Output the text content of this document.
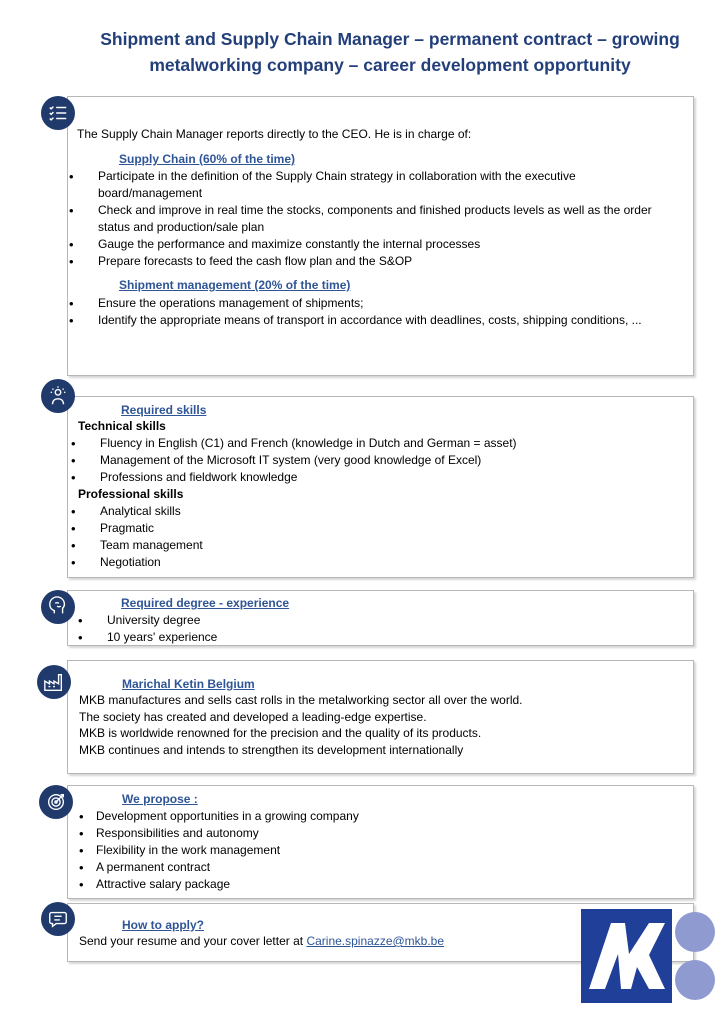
Shipment and Supply Chain Manager – permanent contract – growing
metalworking company – career development opportunity
The Supply Chain Manager reports directly to the CEO. He is in charge of:
Supply Chain (60% of the time)
• Participate in the definition of the Supply Chain strategy in collaboration with the executive board/management
• Check and improve in real time the stocks, components and finished products levels as well as the order status and production/sale plan
• Gauge the performance and maximize constantly the internal processes
• Prepare forecasts to feed the cash flow plan and the S&OP
Shipment management (20% of the time)
• Ensure the operations management of shipments;
• Identify the appropriate means of transport in accordance with deadlines, costs, shipping conditions, ...
Required skills
Technical skills
• Fluency in English (C1) and French (knowledge in Dutch and German = asset)
• Management of the Microsoft IT system (very good knowledge of Excel)
• Professions and fieldwork knowledge
Professional skills
• Analytical skills
• Pragmatic
• Team management
• Negotiation
Required degree - experience
• University degree
• 10 years' experience
Marichal Ketin Belgium
MKB manufactures and sells cast rolls in the metalworking sector all over the world.
The society has created and developed a leading-edge expertise.
MKB is worldwide renowned for the precision and the quality of its products.
MKB continues and intends to strengthen its development internationally
We propose :
• Development opportunities in a growing company
• Responsibilities and autonomy
• Flexibility in the work management
• A permanent contract
• Attractive salary package
How to apply?
Send your resume and your cover letter at Carine.spinazze@mkb.be
